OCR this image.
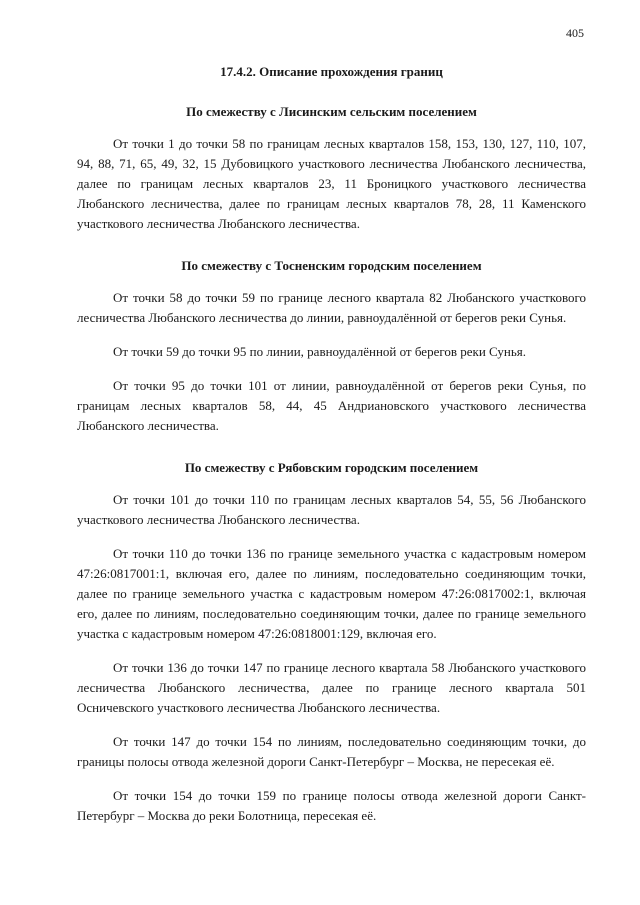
405
17.4.2. Описание прохождения границ
По смежеству с Лисинским сельским поселением

От точки 1 до точки 58 по границам лесных кварталов 158, 153, 130, 127, 110, 107, 94, 88, 71, 65, 49, 32, 15 Дубовицкого участкового лесничества Любанского лесничества, далее по границам лесных кварталов 23, 11 Броницкого участкового лесничества Любанского лесничества, далее по границам лесных кварталов 78, 28, 11 Каменского участкового лесничества Любанского лесничества.

По смежеству с Тосненским городским поселением

От точки 58 до точки 59 по границе лесного квартала 82 Любанского участкового лесничества Любанского лесничества до линии, равноудалённой от берегов реки Сунья.

От точки 59 до точки 95 по линии, равноудалённой от берегов реки Сунья.

От точки 95 до точки 101 от линии, равноудалённой от берегов реки Сунья, по границам лесных кварталов 58, 44, 45 Андриановского участкового лесничества Любанского лесничества.

По смежеству с Рябовским городским поселением

От точки 101 до точки 110 по границам лесных кварталов 54, 55, 56 Любанского участкового лесничества Любанского лесничества.

От точки 110 до точки 136 по границе земельного участка с кадастровым номером 47:26:0817001:1, включая его, далее по линиям, последовательно соединяющим точки, далее по границе земельного участка с кадастровым номером 47:26:0817002:1, включая его, далее по линиям, последовательно соединяющим точки, далее по границе земельного участка с кадастровым номером 47:26:0818001:129, включая его.

От точки 136 до точки 147 по границе лесного квартала 58 Любанского участкового лесничества Любанского лесничества, далее по границе лесного квартала 501 Осничевского участкового лесничества Любанского лесничества.

От точки 147 до точки 154 по линиям, последовательно соединяющим точки, до границы полосы отвода железной дороги Санкт-Петербург – Москва, не пересекая её.

От точки 154 до точки 159 по границе полосы отвода железной дороги Санкт-Петербург – Москва до реки Болотница, пересекая её.
